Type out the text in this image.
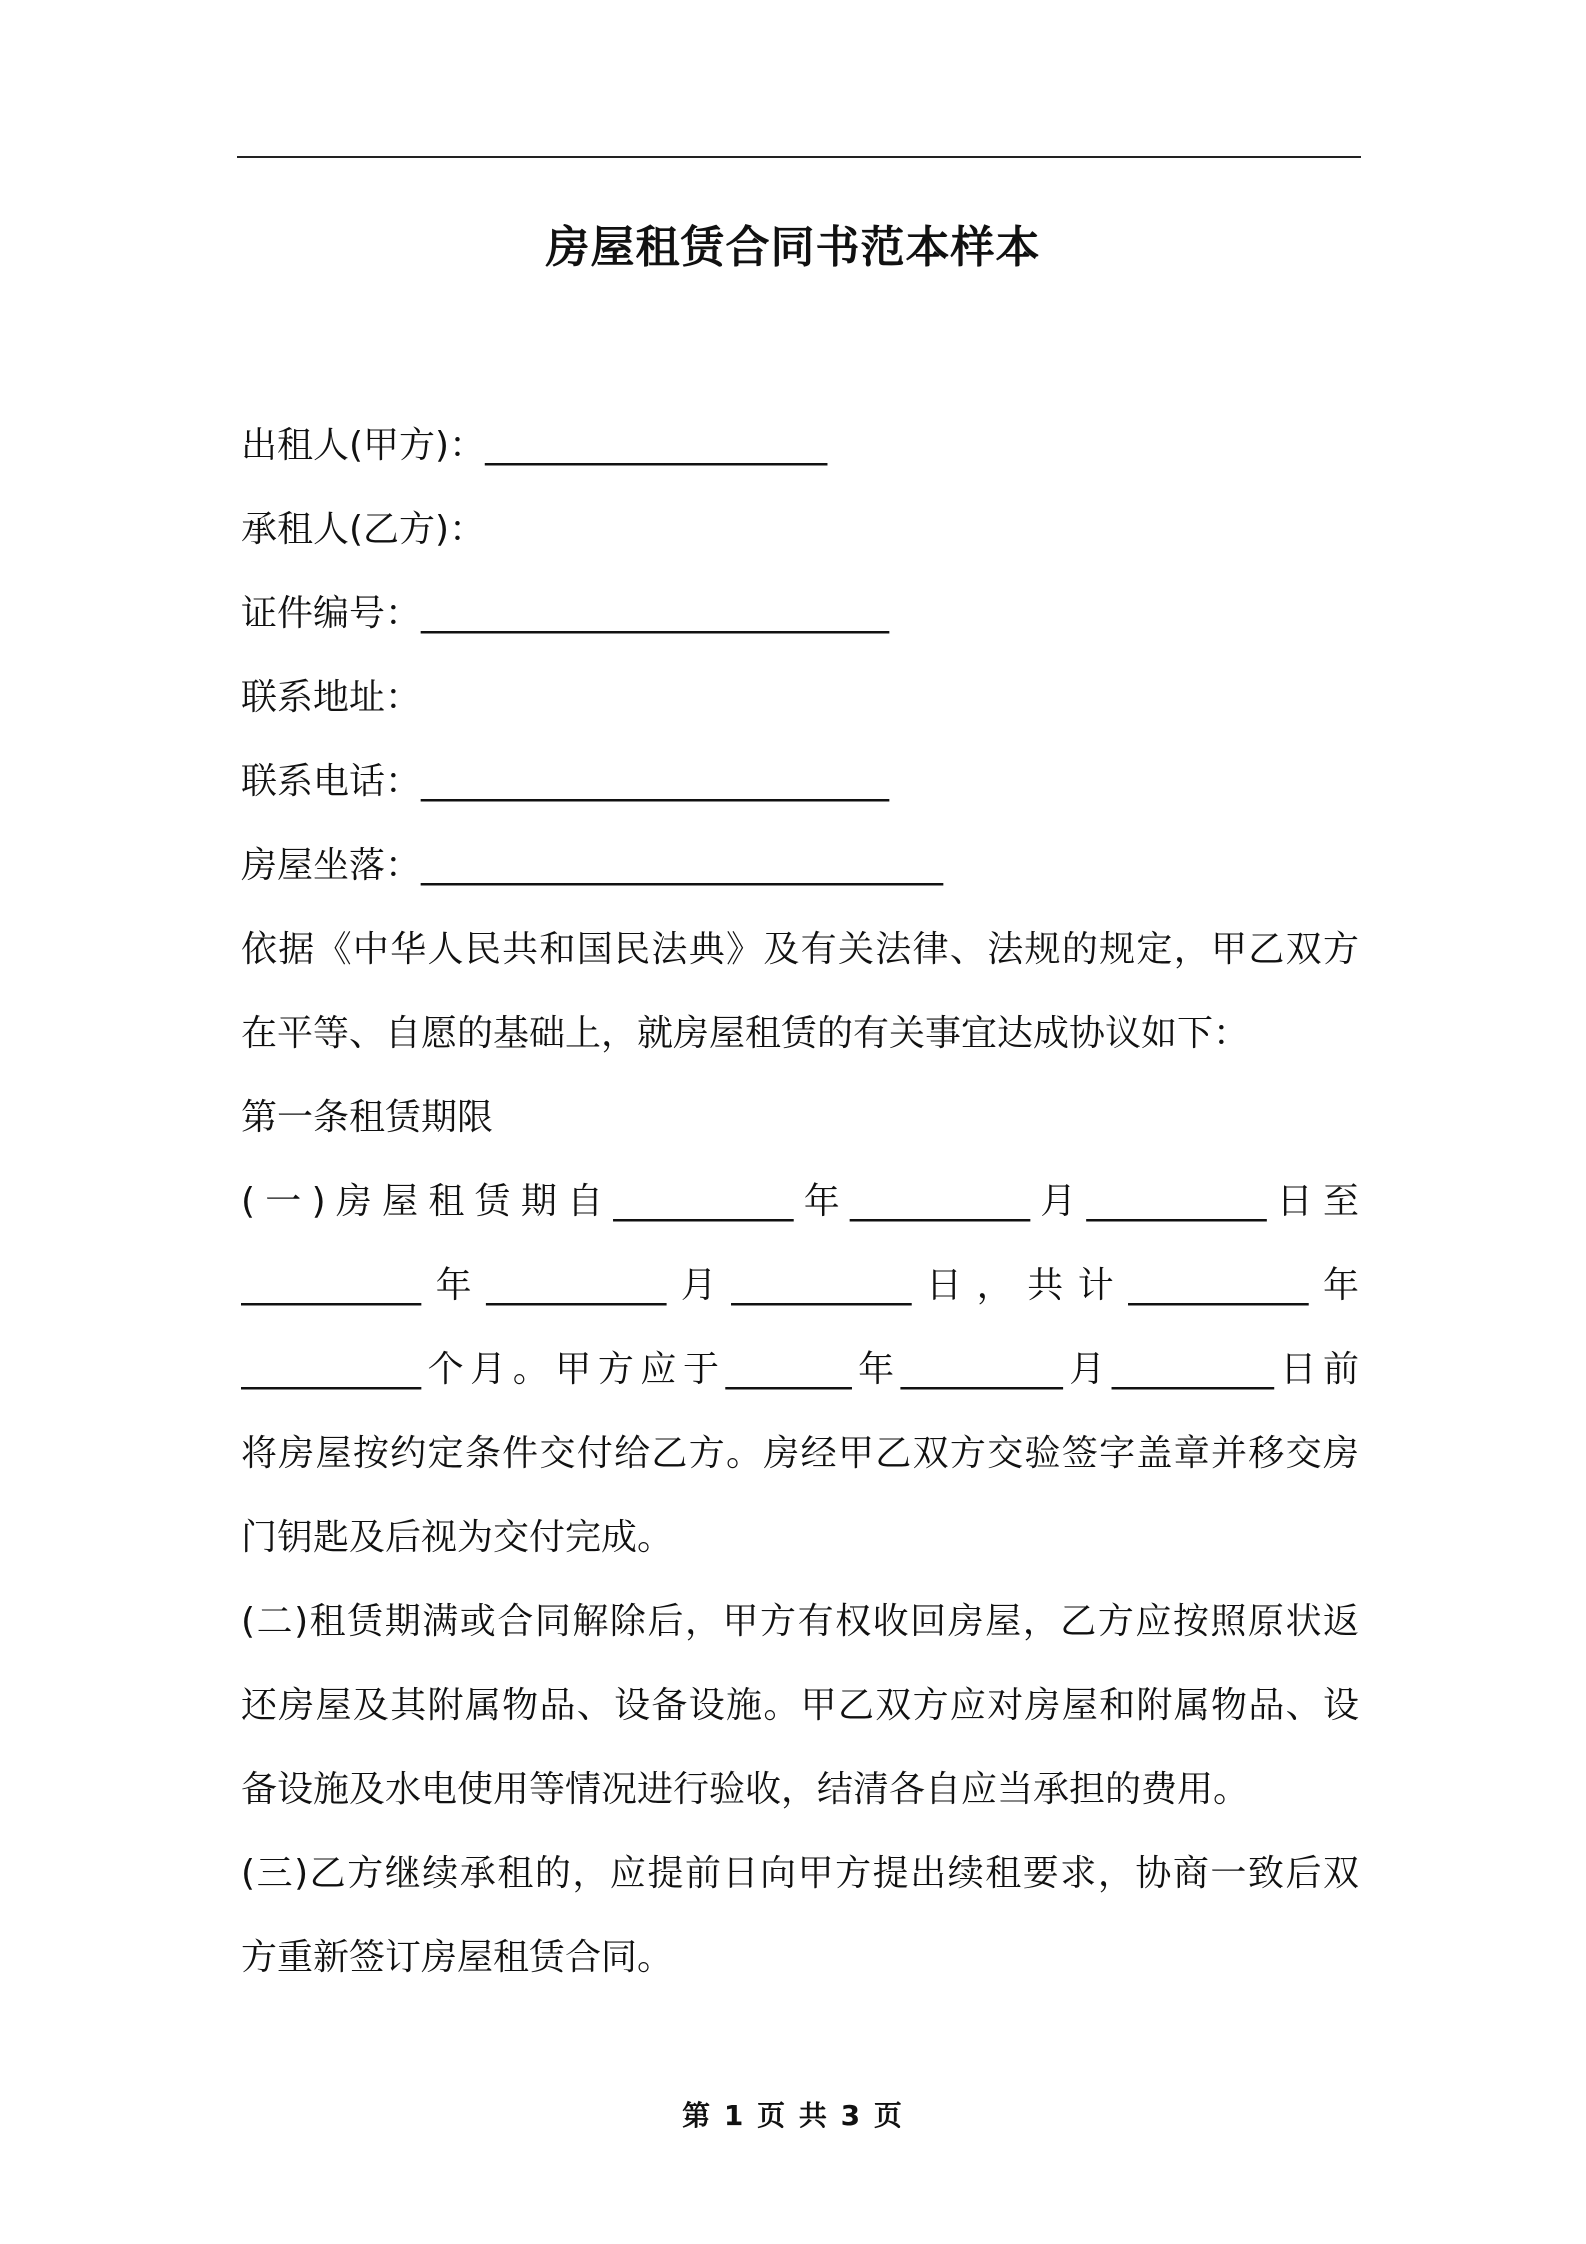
房屋租赁合同书范本样本
出租人(甲方)：___________________
承租人(乙方)：
证件编号：__________________________
联系地址：
联系电话：__________________________
房屋坐落：_____________________________
依据《中华人民共和国民法典》及有关法律、法规的规定，甲乙双方
在平等、自愿的基础上，就房屋租赁的有关事宜达成协议如下：
第一条租赁期限
(一)房屋租赁期自__________年__________月__________日至
__________年__________月__________日，共计__________年
__________个月。甲方应于_______年_________月_________日前
将房屋按约定条件交付给乙方。房经甲乙双方交验签字盖章并移交房
门钥匙及后视为交付完成。
(二)租赁期满或合同解除后，甲方有权收回房屋，乙方应按照原状返
还房屋及其附属物品、设备设施。甲乙双方应对房屋和附属物品、设
备设施及水电使用等情况进行验收，结清各自应当承担的费用。
(三)乙方继续承租的，应提前日向甲方提出续租要求，协商一致后双
方重新签订房屋租赁合同。
第 1 页 共 3 页
